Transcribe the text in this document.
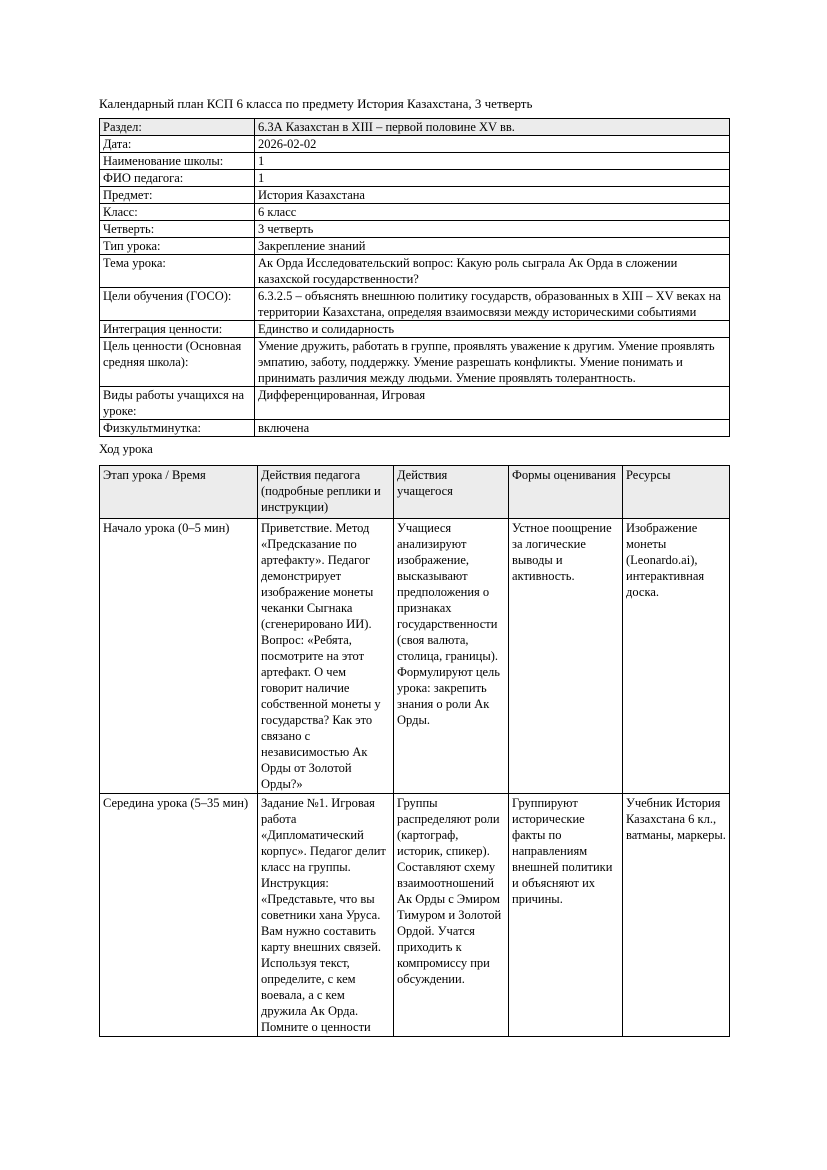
Календарный план КСП 6 класса по предмету История Казахстана, 3 четверть
Раздел:	6.3А Казахстан в XIII – первой половине XV вв.
Дата:	2026-02-02
Наименование школы:	1
ФИО педагога:	1
Предмет:	История Казахстана
Класс:	6 класс
Четверть:	3 четверть
Тип урока:	Закрепление знаний
Тема урока:	Ак Орда Исследовательский вопрос: Какую роль сыграла Ак Орда в сложении казахской государственности?
Цели обучения (ГОСО):	6.3.2.5 – объяснять внешнюю политику государств, образованных в XIII – XV веках на территории Казахстана, определяя взаимосвязи между историческими событиями
Интеграция ценности:	Единство и солидарность
Цель ценности (Основная средняя школа):	Умение дружить, работать в группе, проявлять уважение к другим. Умение проявлять эмпатию, заботу, поддержку. Умение разрешать конфликты. Умение понимать и принимать различия между людьми. Умение проявлять толерантность.
Виды работы учащихся на уроке:	Дифференцированная, Игровая
Физкультминутка:	включена
Ход урока
Этап урока / Время	Действия педагога (подробные реплики и инструкции)	Действия учащегося	Формы оценивания	Ресурсы
Начало урока (0–5 мин)	Приветствие. Метод «Предсказание по артефакту». Педагог демонстрирует изображение монеты чеканки Сыгнака (сгенерировано ИИ). Вопрос: «Ребята, посмотрите на этот артефакт. О чем говорит наличие собственной монеты у государства? Как это связано с независимостью Ак Орды от Золотой Орды?»	Учащиеся анализируют изображение, высказывают предположения о признаках государственности (своя валюта, столица, границы). Формулируют цель урока: закрепить знания о роли Ак Орды.	Устное поощрение за логические выводы и активность.	Изображение монеты (Leonardo.ai), интерактивная доска.
Середина урока (5–35 мин)	Задание №1. Игровая работа «Дипломатический корпус». Педагог делит класс на группы. Инструкция: «Представьте, что вы советники хана Уруса. Вам нужно составить карту внешних связей. Используя текст, определите, с кем воевала, а с кем дружила Ак Орда. Помните о ценности	Группы распределяют роли (картограф, историк, спикер). Составляют схему взаимоотношений Ак Орды с Эмиром Тимуром и Золотой Ордой. Учатся приходить к компромиссу при обсуждении.	Группируют исторические факты по направлениям внешней политики и объясняют их причины.	Учебник История Казахстана 6 кл., ватманы, маркеры.
